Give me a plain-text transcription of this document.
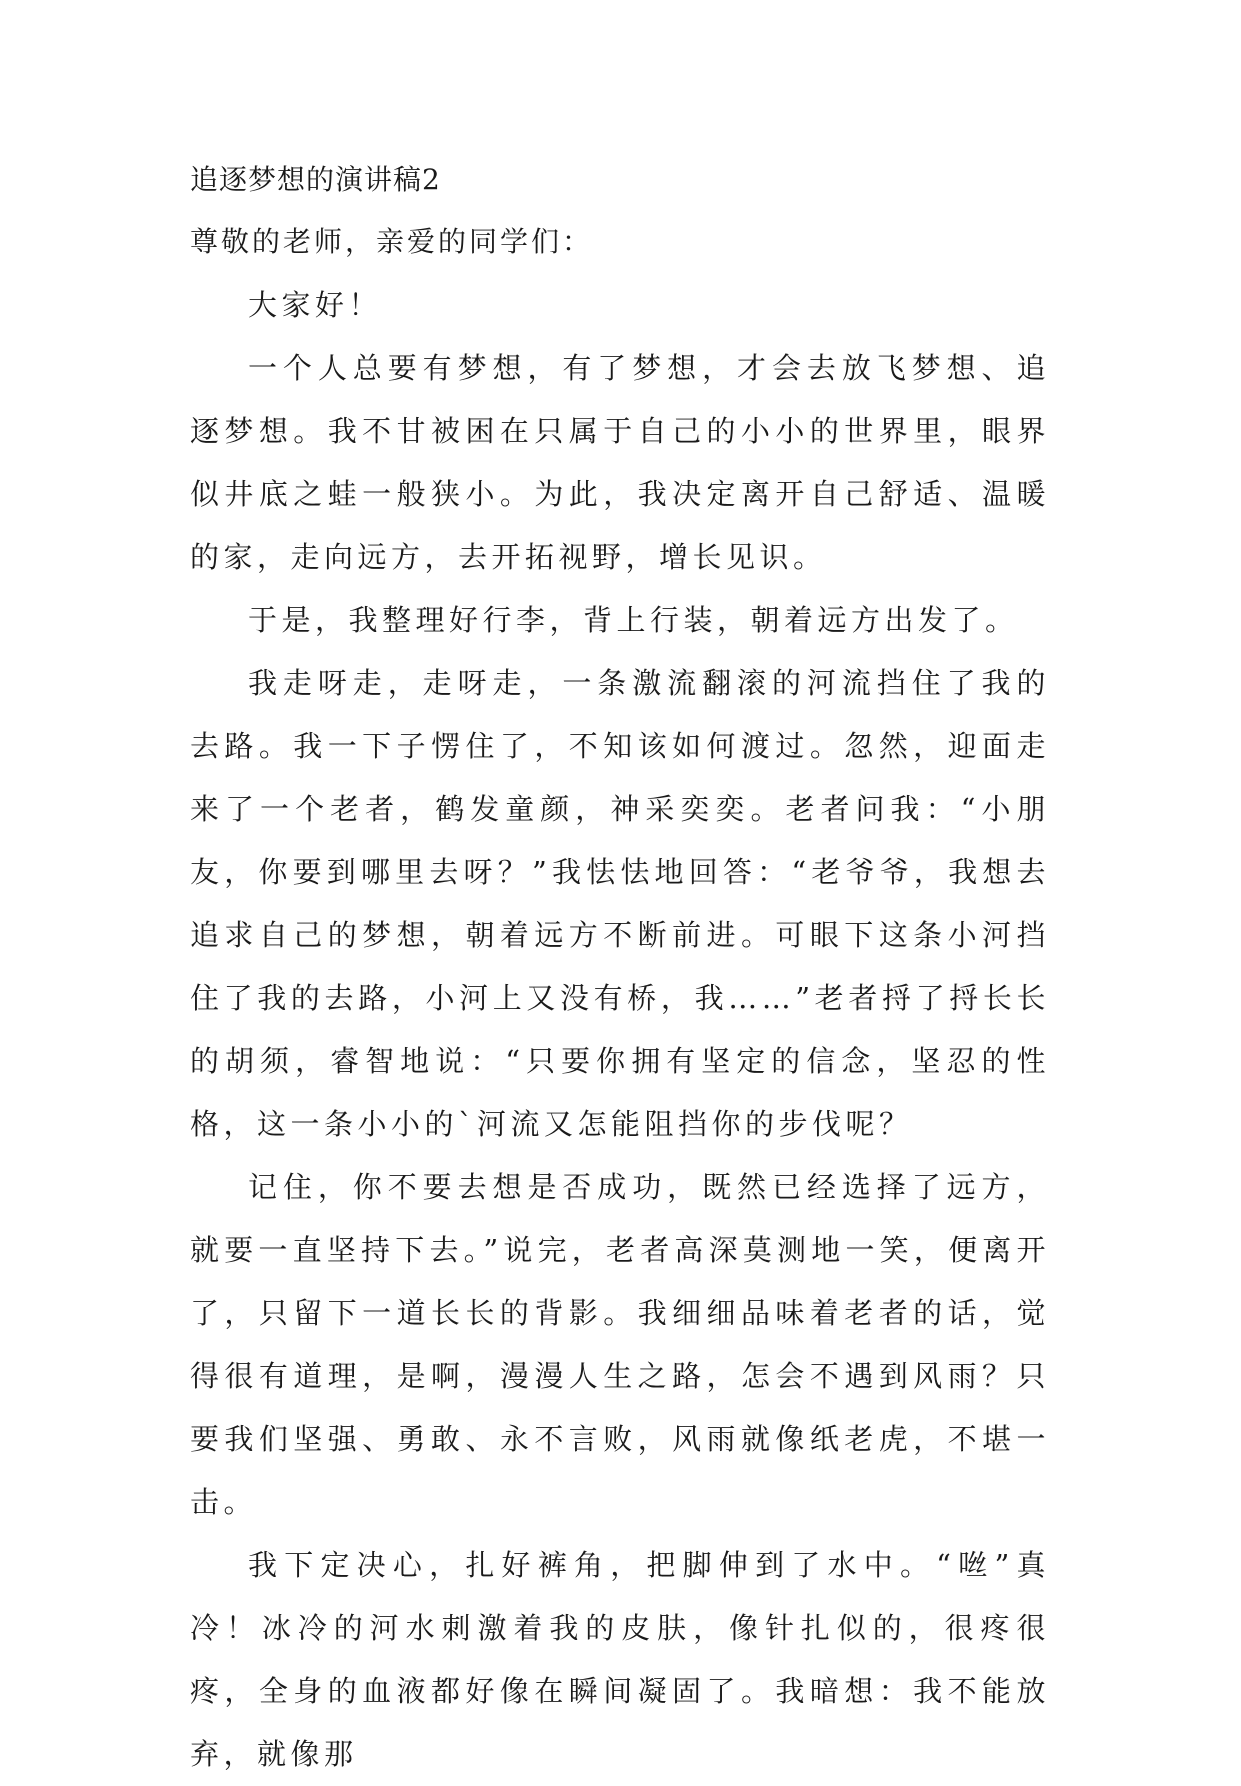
追逐梦想的演讲稿2

尊敬的老师，亲爱的同学们：

大家好！

一个人总要有梦想，有了梦想，才会去放飞梦想、追逐梦想。我不甘被困在只属于自己的小小的世界里，眼界似井底之蛙一般狭小。为此，我决定离开自己舒适、温暖的家，走向远方，去开拓视野，增长见识。

于是，我整理好行李，背上行装，朝着远方出发了。

我走呀走，走呀走，一条激流翻滚的河流挡住了我的去路。我一下子愣住了，不知该如何渡过。忽然，迎面走来了一个老者，鹤发童颜，神采奕奕。老者问我：“小朋友，你要到哪里去呀？”我怯怯地回答：“老爷爷，我想去追求自己的梦想，朝着远方不断前进。可眼下这条小河挡住了我的去路，小河上又没有桥，我……”老者捋了捋长长的胡须，睿智地说：“只要你拥有坚定的信念，坚忍的性格，这一条小小的`河流又怎能阻挡你的步伐呢？

记住，你不要去想是否成功，既然已经选择了远方，就要一直坚持下去。”说完，老者高深莫测地一笑，便离开了，只留下一道长长的背影。我细细品味着老者的话，觉得很有道理，是啊，漫漫人生之路，怎会不遇到风雨？只要我们坚强、勇敢、永不言败，风雨就像纸老虎，不堪一击。

我下定决心，扎好裤角，把脚伸到了水中。“咝”真冷！冰冷的河水刺激着我的皮肤，像针扎似的，很疼很疼，全身的血液都好像在瞬间凝固了。我暗想：我不能放弃，就像那
